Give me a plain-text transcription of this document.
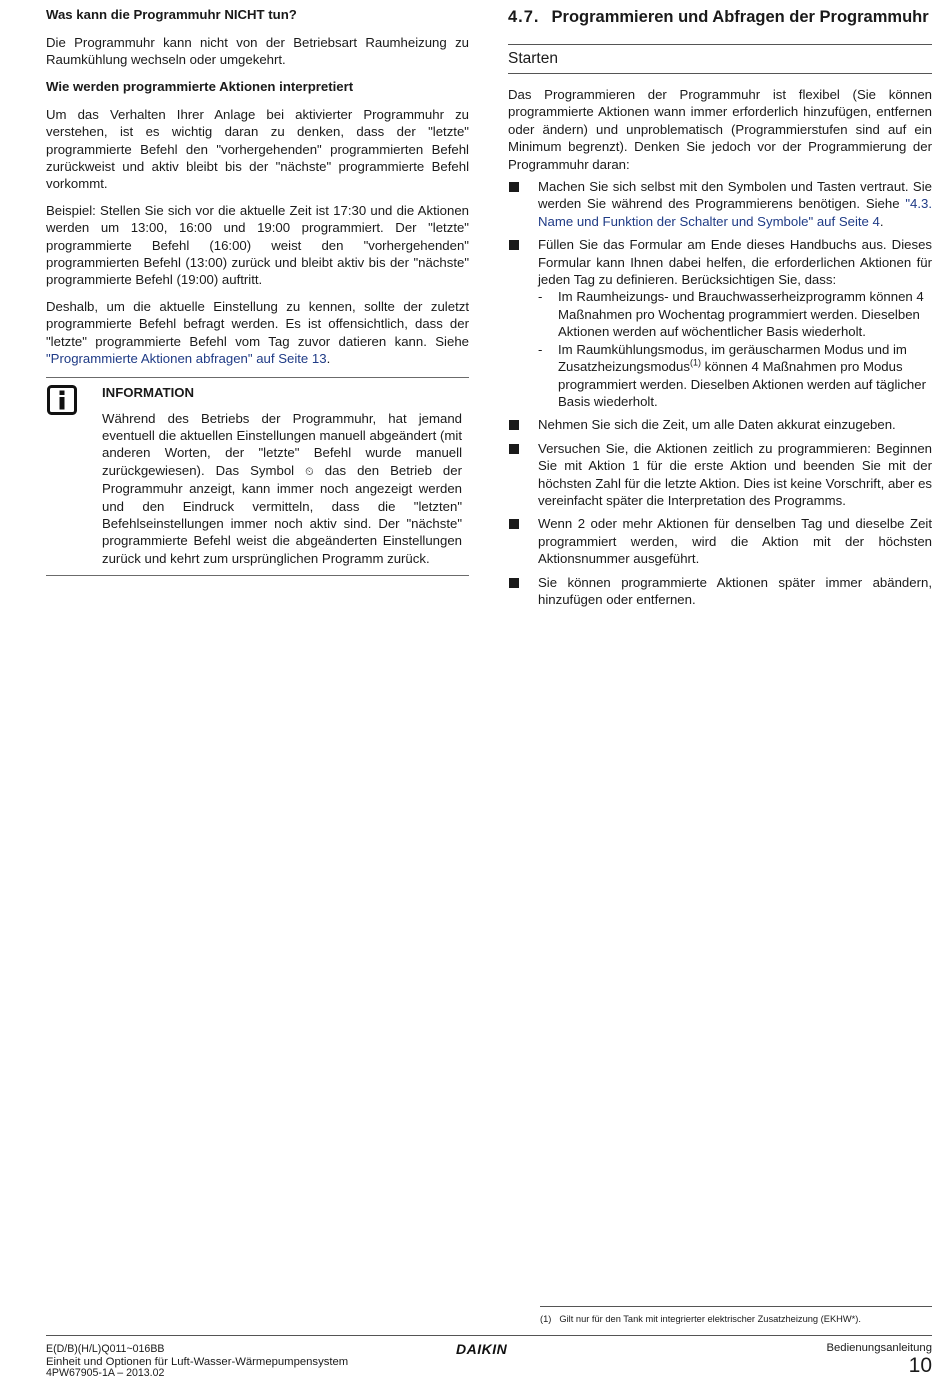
Was kann die Programmuhr NICHT tun?

Die Programmuhr kann nicht von der Betriebsart Raumheizung zu Raumkühlung wechseln oder umgekehrt.

Wie werden programmierte Aktionen interpretiert

Um das Verhalten Ihrer Anlage bei aktivierter Programmuhr zu verstehen, ist es wichtig daran zu denken, dass der "letzte" programmierte Befehl den "vorhergehenden" programmierten Befehl zurückweist und aktiv bleibt bis der "nächste" programmierte Befehl vorkommt.

Beispiel: Stellen Sie sich vor die aktuelle Zeit ist 17:30 und die Aktionen werden um 13:00, 16:00 und 19:00 programmiert. Der "letzte" programmierte Befehl (16:00) weist den "vorhergehenden" programmierten Befehl (13:00) zurück und bleibt aktiv bis der "nächste" programmierte Befehl (19:00) auftritt.

Deshalb, um die aktuelle Einstellung zu kennen, sollte der zuletzt programmierte Befehl befragt werden. Es ist offensichtlich, dass der "letzte" programmierte Befehl vom Tag zuvor datieren kann. Siehe "Programmierte Aktionen abfragen" auf Seite 13.

INFORMATION

Während des Betriebs der Programmuhr, hat jemand eventuell die aktuellen Einstellungen manuell abgeändert (mit anderen Worten, der "letzte" Befehl wurde manuell zurückgewiesen). Das Symbol ⏲ das den Betrieb der Programmuhr anzeigt, kann immer noch angezeigt werden und den Eindruck vermitteln, dass die "letzten" Befehlseinstellungen immer noch aktiv sind. Der "nächste" programmierte Befehl weist die abgeänderten Einstellungen zurück und kehrt zum ursprünglichen Programm zurück.

4.7. Programmieren und Abfragen der Programmuhr
Starten

Das Programmieren der Programmuhr ist flexibel (Sie können programmierte Aktionen wann immer erforderlich hinzufügen, entfernen oder ändern) und unproblematisch (Programmierstufen sind auf ein Minimum begrenzt). Denken Sie jedoch vor der Programmierung der Programmuhr daran:

Machen Sie sich selbst mit den Symbolen und Tasten vertraut. Sie werden Sie während des Programmierens benötigen. Siehe "4.3. Name und Funktion der Schalter und Symbole" auf Seite 4.
Füllen Sie das Formular am Ende dieses Handbuchs aus. Dieses Formular kann Ihnen dabei helfen, die erforderlichen Aktionen für jeden Tag zu definieren. Berücksichtigen Sie, dass:
- Im Raumheizungs- und Brauchwasserheizprogramm können 4 Maßnahmen pro Wochentag programmiert werden. Dieselben Aktionen werden auf wöchentlicher Basis wiederholt.
- Im Raumkühlungsmodus, im geräuscharmen Modus und im Zusatzheizungsmodus$^{(1)}$ können 4 Maßnahmen pro Modus programmiert werden. Dieselben Aktionen werden auf täglicher Basis wiederholt.
Nehmen Sie sich die Zeit, um alle Daten akkurat einzugeben.
Versuchen Sie, die Aktionen zeitlich zu programmieren: Beginnen Sie mit Aktion 1 für die erste Aktion und beenden Sie mit der höchsten Zahl für die letzte Aktion. Dies ist keine Vorschrift, aber es vereinfacht später die Interpretation des Programms.
Wenn 2 oder mehr Aktionen für denselben Tag und dieselbe Zeit programmiert werden, wird die Aktion mit der höchsten Aktionsnummer ausgeführt.
Sie können programmierte Aktionen später immer abändern, hinzufügen oder entfernen.
(1) Gilt nur für den Tank mit integrierter elektrischer Zusatzheizung (EKHW*).
E(D/B)(H/L)Q011~016BB
Einheit und Optionen für Luft-Wasser-Wärmepumpensystem
4PW67905-1A – 2013.02
DAIKIN	Bedienungsanleitung
10
